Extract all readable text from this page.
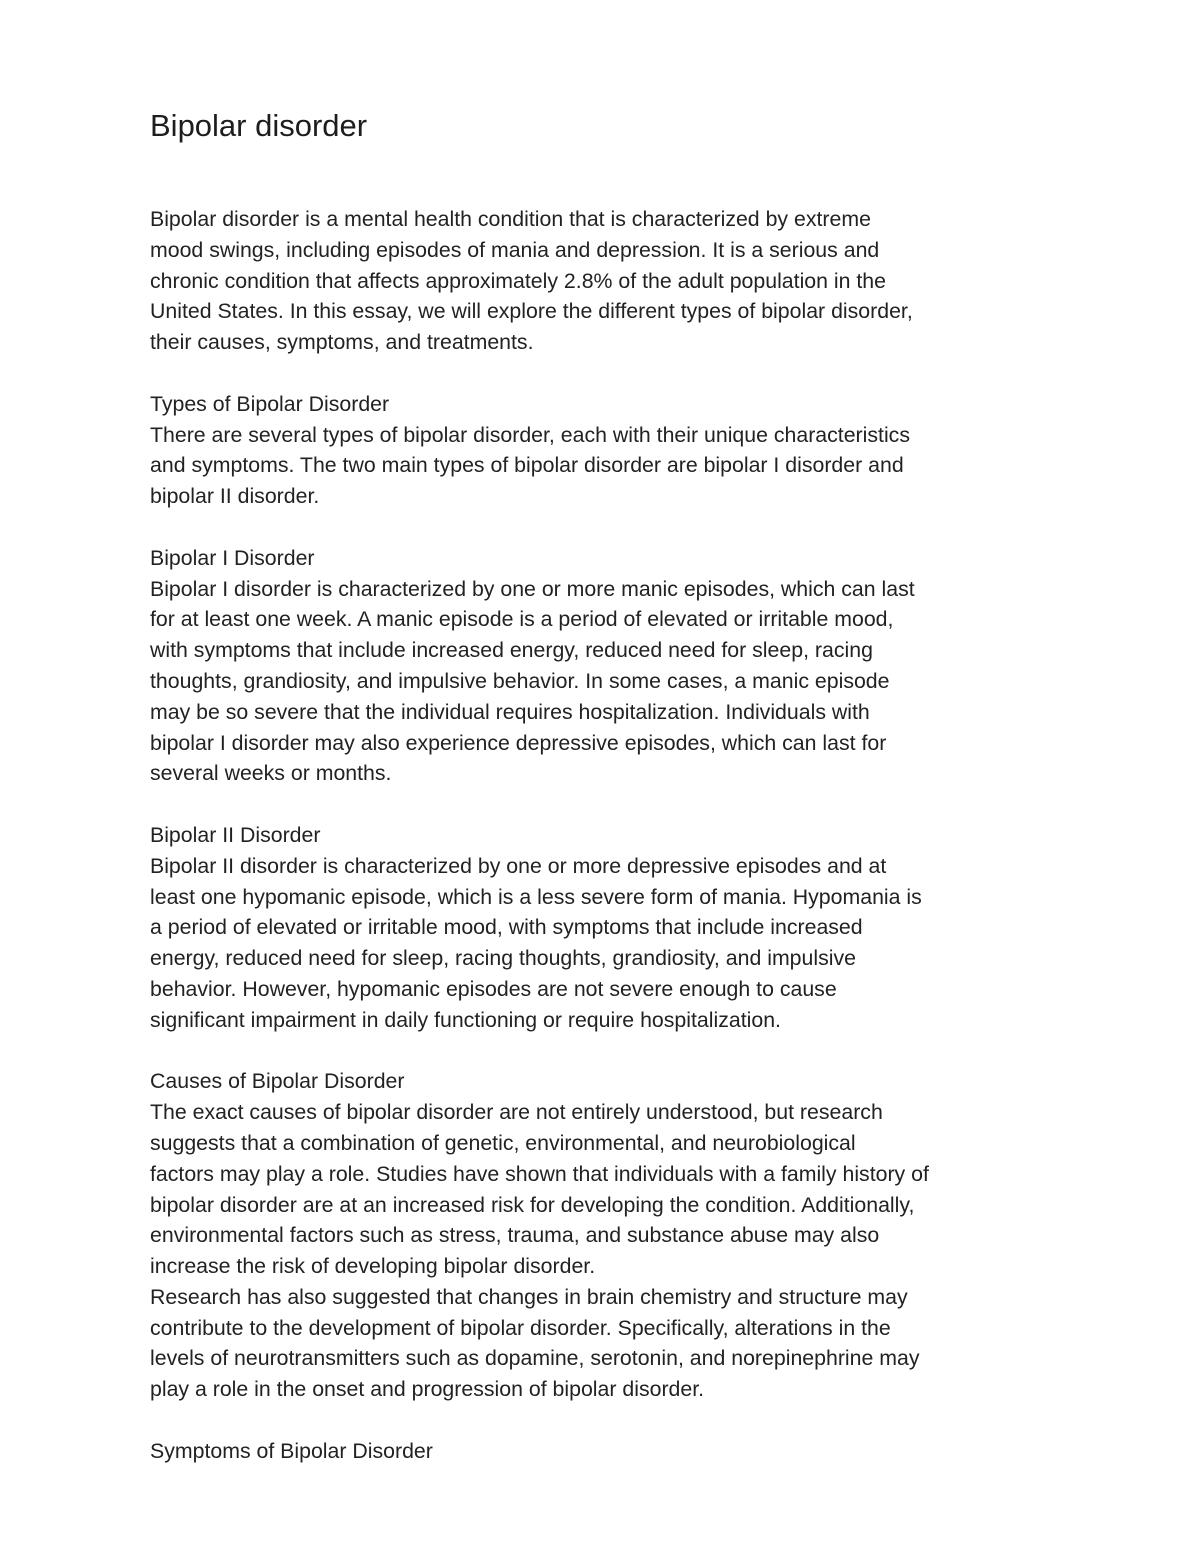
Bipolar disorder
Bipolar disorder is a mental health condition that is characterized by extreme
mood swings, including episodes of mania and depression. It is a serious and
chronic condition that affects approximately 2.8% of the adult population in the
United States. In this essay, we will explore the different types of bipolar disorder,
their causes, symptoms, and treatments.
Types of Bipolar Disorder
There are several types of bipolar disorder, each with their unique characteristics
and symptoms. The two main types of bipolar disorder are bipolar I disorder and
bipolar II disorder.
Bipolar I Disorder
Bipolar I disorder is characterized by one or more manic episodes, which can last
for at least one week. A manic episode is a period of elevated or irritable mood,
with symptoms that include increased energy, reduced need for sleep, racing
thoughts, grandiosity, and impulsive behavior. In some cases, a manic episode
may be so severe that the individual requires hospitalization. Individuals with
bipolar I disorder may also experience depressive episodes, which can last for
several weeks or months.
Bipolar II Disorder
Bipolar II disorder is characterized by one or more depressive episodes and at
least one hypomanic episode, which is a less severe form of mania. Hypomania is
a period of elevated or irritable mood, with symptoms that include increased
energy, reduced need for sleep, racing thoughts, grandiosity, and impulsive
behavior. However, hypomanic episodes are not severe enough to cause
significant impairment in daily functioning or require hospitalization.
Causes of Bipolar Disorder
The exact causes of bipolar disorder are not entirely understood, but research
suggests that a combination of genetic, environmental, and neurobiological
factors may play a role. Studies have shown that individuals with a family history of
bipolar disorder are at an increased risk for developing the condition. Additionally,
environmental factors such as stress, trauma, and substance abuse may also
increase the risk of developing bipolar disorder.
Research has also suggested that changes in brain chemistry and structure may
contribute to the development of bipolar disorder. Specifically, alterations in the
levels of neurotransmitters such as dopamine, serotonin, and norepinephrine may
play a role in the onset and progression of bipolar disorder.
Symptoms of Bipolar Disorder
